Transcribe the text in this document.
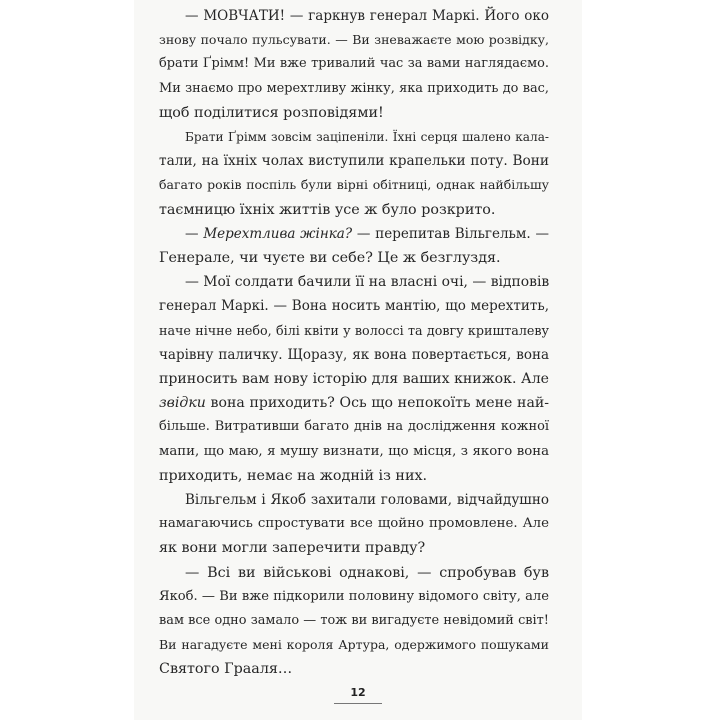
— МОВЧАТИ! — гаркнув генерал Маркі. Його око
знову почало пульсувати. — Ви зневажаєте мою розвідку,
брати Ґрімм! Ми вже тривалий час за вами наглядаємо.
Ми знаємо про мерехтливу жінку, яка приходить до вас,
щоб поділитися розповідями!
Брати Ґрімм зовсім заціпеніли. Їхні серця шалено кала-
тали, на їхніх чолах виступили крапельки поту. Вони
багато років поспіль були вірні обітниці, однак найбільшу
таємницю їхніх життів усе ж було розкрито.
— Мерехтлива жінка? — перепитав Вільгельм. —
Генерале, чи чуєте ви себе? Це ж безглуздя.
— Мої солдати бачили її на власні очі, — відповів
генерал Маркі. — Вона носить мантію, що мерехтить,
наче нічне небо, білі квіти у волоссі та довгу кришталеву
чарівну паличку. Щоразу, як вона повертається, вона
приносить вам нову історію для ваших книжок. Але
звідки вона приходить? Ось що непокоїть мене най-
більше. Витративши багато днів на дослідження кожної
мапи, що маю, я мушу визнати, що місця, з якого вона
приходить, немає на жодній із них.
Вільгельм і Якоб захитали головами, відчайдушно
намагаючись спростувати все щойно промовлене. Але
як вони могли заперечити правду?
— Всі ви військові однакові, — спробував був
Якоб. — Ви вже підкорили половину відомого світу, але
вам все одно замало — тож ви вигадуєте невідомий світ!
Ви нагадуєте мені короля Артура, одержимого пошуками
Святого Грааля…
12
